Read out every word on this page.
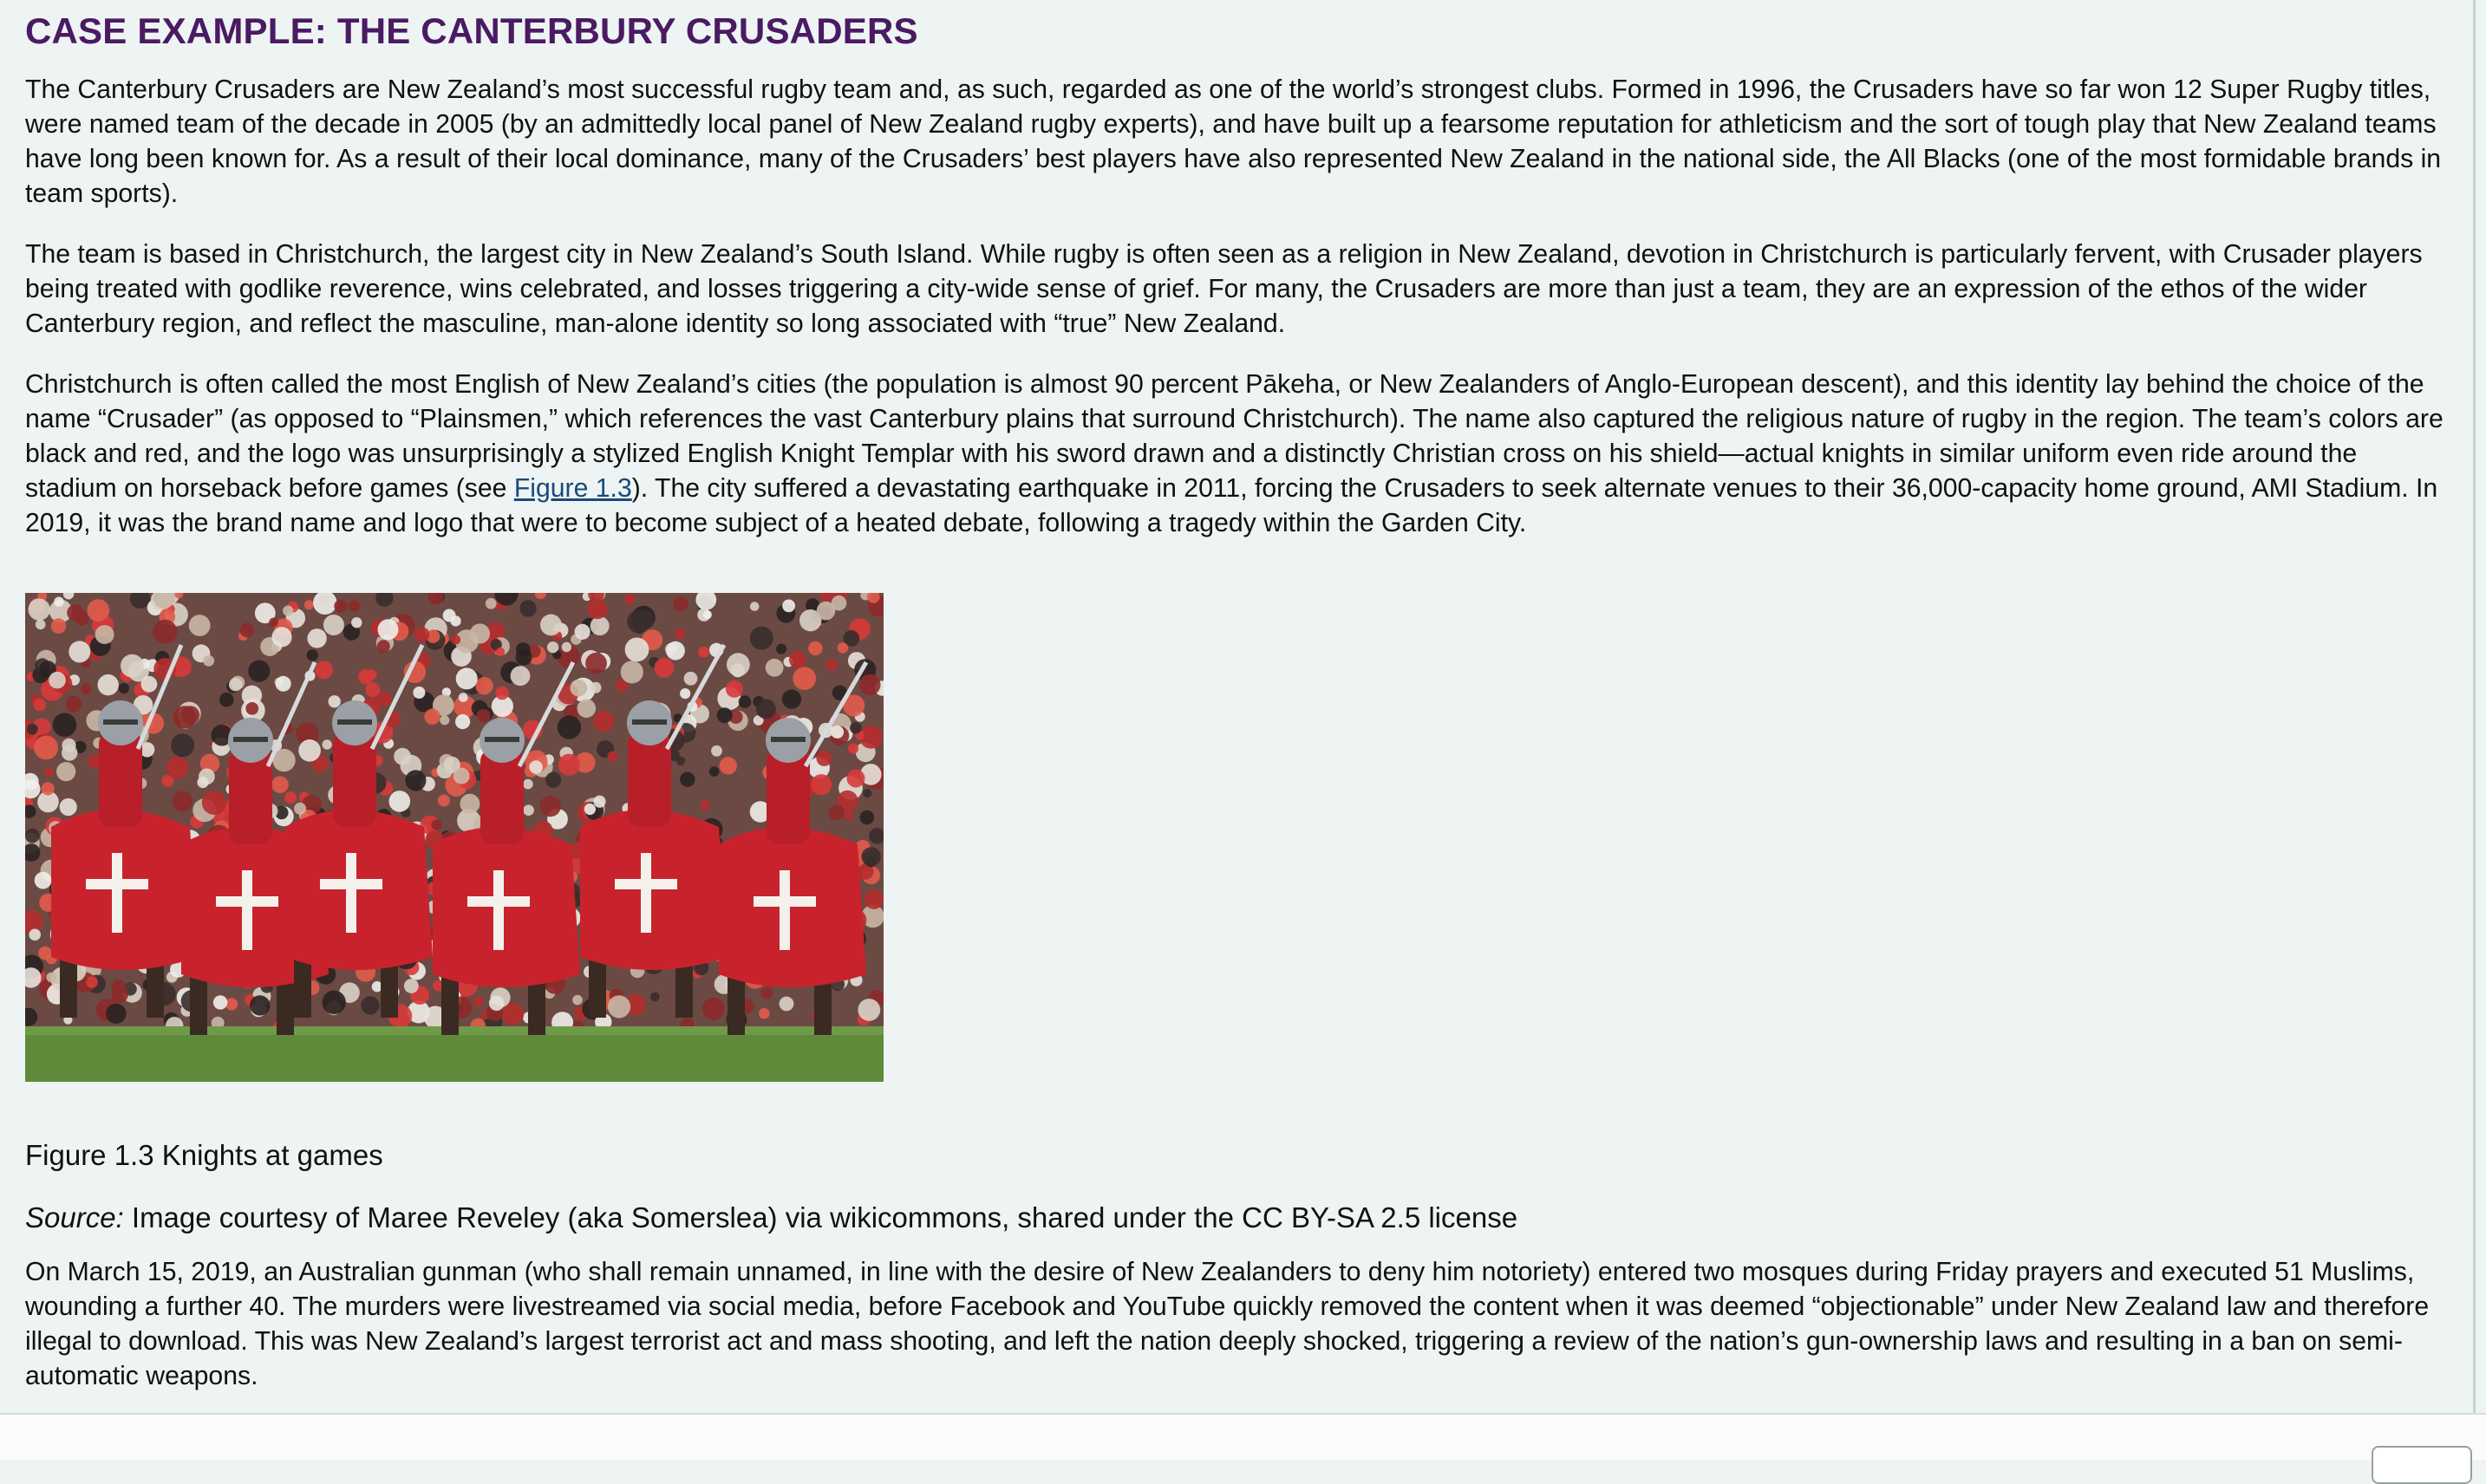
CASE EXAMPLE: THE CANTERBURY CRUSADERS

The Canterbury Crusaders are New Zealand’s most successful rugby team and, as such, regarded as one of the world’s strongest clubs. Formed in 1996, the Crusaders have so far won 12 Super Rugby titles, were named team of the decade in 2005 (by an admittedly local panel of New Zealand rugby experts), and have built up a fearsome reputation for athleticism and the sort of tough play that New Zealand teams have long been known for. As a result of their local dominance, many of the Crusaders’ best players have also represented New Zealand in the national side, the All Blacks (one of the most formidable brands in team sports).

The team is based in Christchurch, the largest city in New Zealand’s South Island. While rugby is often seen as a religion in New Zealand, devotion in Christchurch is particularly fervent, with Crusader players being treated with godlike reverence, wins celebrated, and losses triggering a city-wide sense of grief. For many, the Crusaders are more than just a team, they are an expression of the ethos of the wider Canterbury region, and reflect the masculine, man-alone identity so long associated with “true” New Zealand.

Christchurch is often called the most English of New Zealand’s cities (the population is almost 90 percent Pākeha, or New Zealanders of Anglo-European descent), and this identity lay behind the choice of the name “Crusader” (as opposed to “Plainsmen,” which references the vast Canterbury plains that surround Christchurch). The name also captured the religious nature of rugby in the region. The team’s colors are black and red, and the logo was unsurprisingly a stylized English Knight Templar with his sword drawn and a distinctly Christian cross on his shield—actual knights in similar uniform even ride around the stadium on horseback before games (see Figure 1.3). The city suffered a devastating earthquake in 2011, forcing the Crusaders to seek alternate venues to their 36,000-capacity home ground, AMI Stadium. In 2019, it was the brand name and logo that were to become subject of a heated debate, following a tragedy within the Garden City.

Figure 1.3 Knights at games

Source: Image courtesy of Maree Reveley (aka Somerslea) via wikicommons, shared under the CC BY-SA 2.5 license

On March 15, 2019, an Australian gunman (who shall remain unnamed, in line with the desire of New Zealanders to deny him notoriety) entered two mosques during Friday prayers and executed 51 Muslims, wounding a further 40. The murders were livestreamed via social media, before Facebook and YouTube quickly removed the content when it was deemed “objectionable” under New Zealand law and therefore illegal to download. This was New Zealand’s largest terrorist act and mass shooting, and left the nation deeply shocked, triggering a review of the nation’s gun-ownership laws and resulting in a ban on semi-automatic weapons.
